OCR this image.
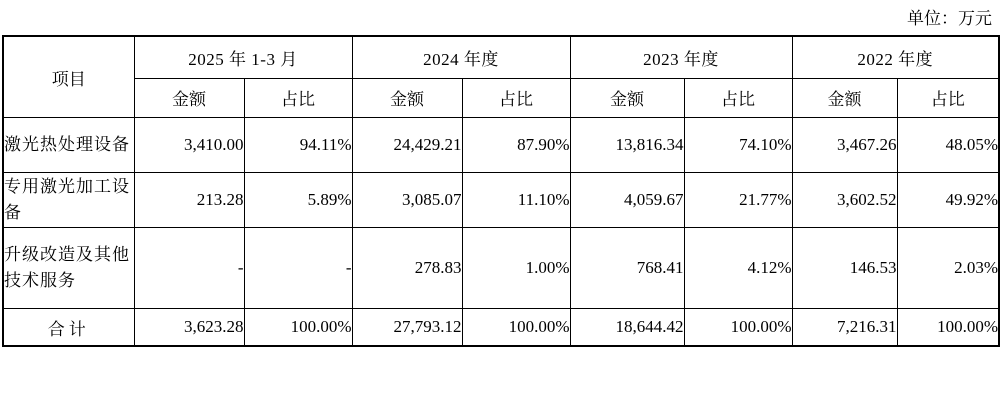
单位：万元
项目	2025 年 1-3 月		2024 年度		2023 年度		2022 年度	
	金额	占比	金额	占比	金额	占比	金额	占比
激光热处理设备	3,410.00	94.11%	24,429.21	87.90%	13,816.34	74.10%	3,467.26	48.05%
专用激光加工设备	213.28	5.89%	3,085.07	11.10%	4,059.67	21.77%	3,602.52	49.92%
升级改造及其他技术服务	-	-	278.83	1.00%	768.41	4.12%	146.53	2.03%
合计	3,623.28	100.00%	27,793.12	100.00%	18,644.42	100.00%	7,216.31	100.00%
